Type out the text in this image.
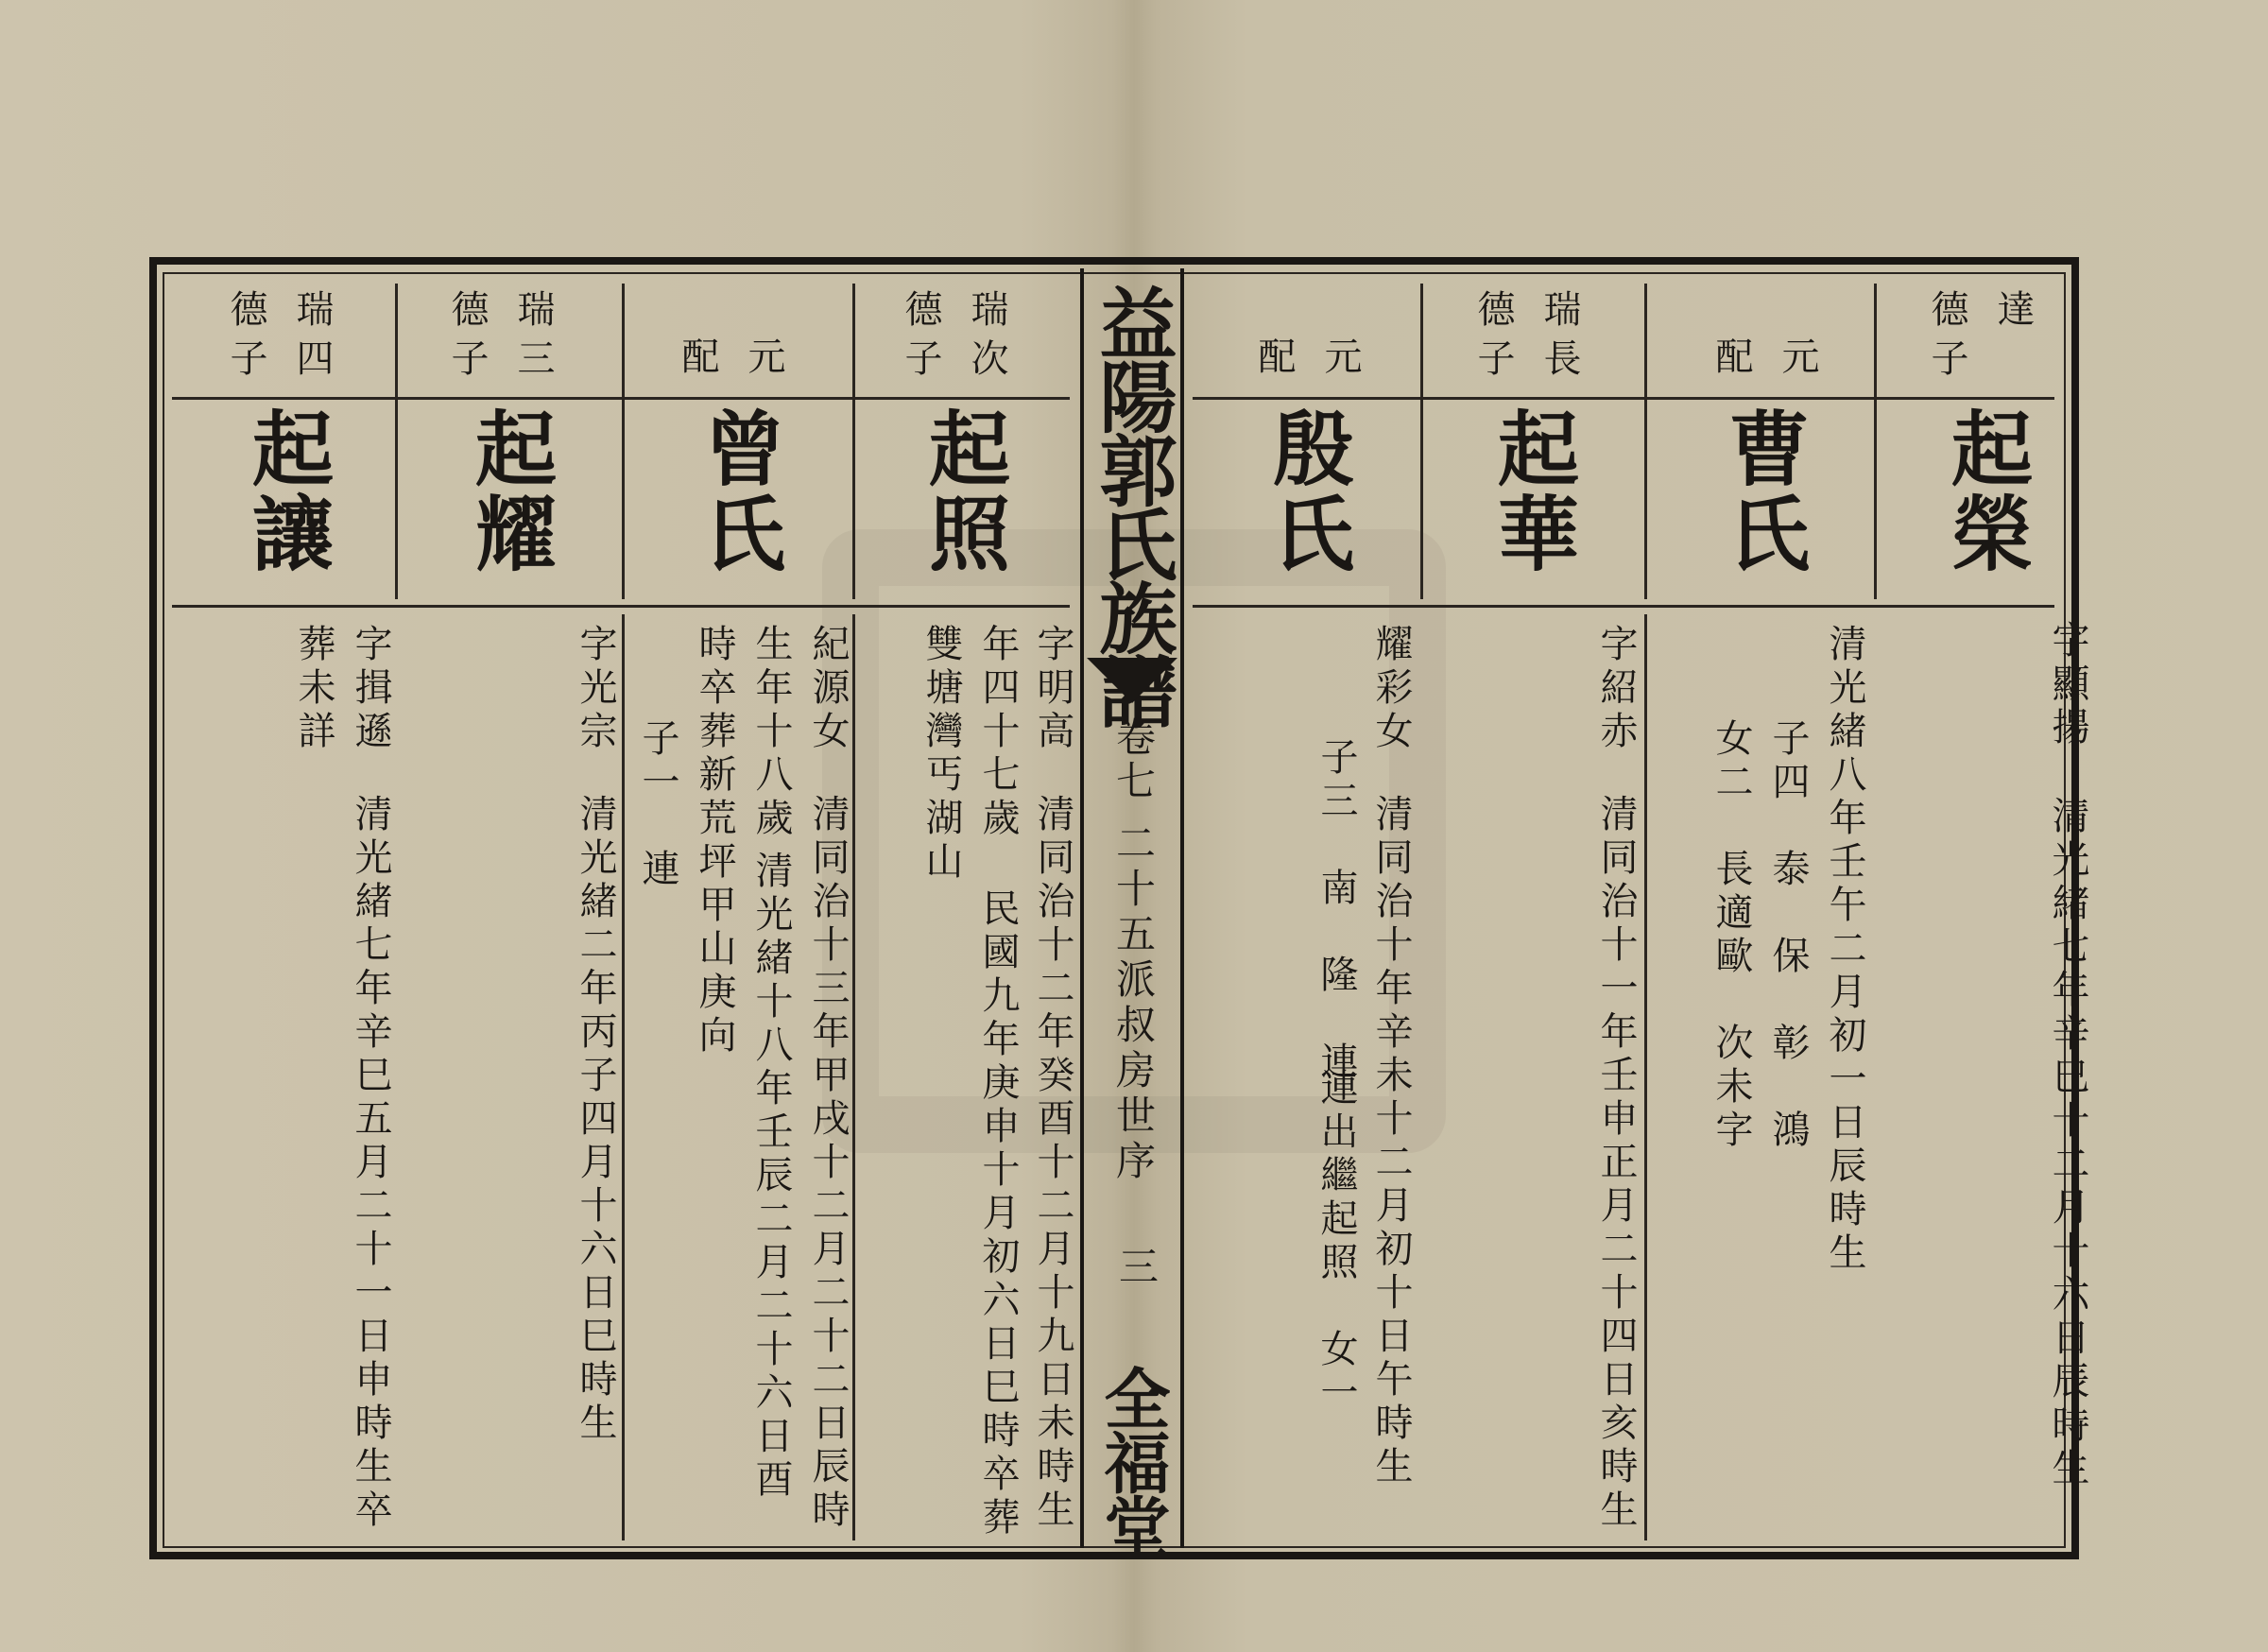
益陽郭氏族譜
卷七
二十五派叔房世序
三
全福堂
德子 達
起榮
字顯揚
清光緒七年辛巳十二月十六日辰時生
配 元
曹氏
清光緒八年壬午二月初一日辰時生
子四　泰　保　彰　鴻
女二　長適歐　次未字
德子 瑞長
起華
字紹赤
清同治十一年壬申正月二十四日亥時生
配 元
殷氏
耀彩女
清同治十年辛未十二月初十日午時生
子三　南　隆　連
連出繼起照　女一
德子 瑞次
起照
字明高
清同治十二年癸酉十二月十九日未時生
年四十七歲
民國九年庚申十月初六日巳時卒葬
雙塘灣丐湖山
配 元
曾氏
紀源女
清同治十三年甲戌十二月二十二日辰時
生年十八歲
清光緒十八年壬辰二月二十六日酉
時卒葬新荒坪甲山庚向
子一　連
德子 瑞三
起耀
字光宗
清光緒二年丙子四月十六日巳時生
德子 瑞四
起讓
字揖遜
清光緒七年辛巳五月二十一日申時生卒
葬未詳
